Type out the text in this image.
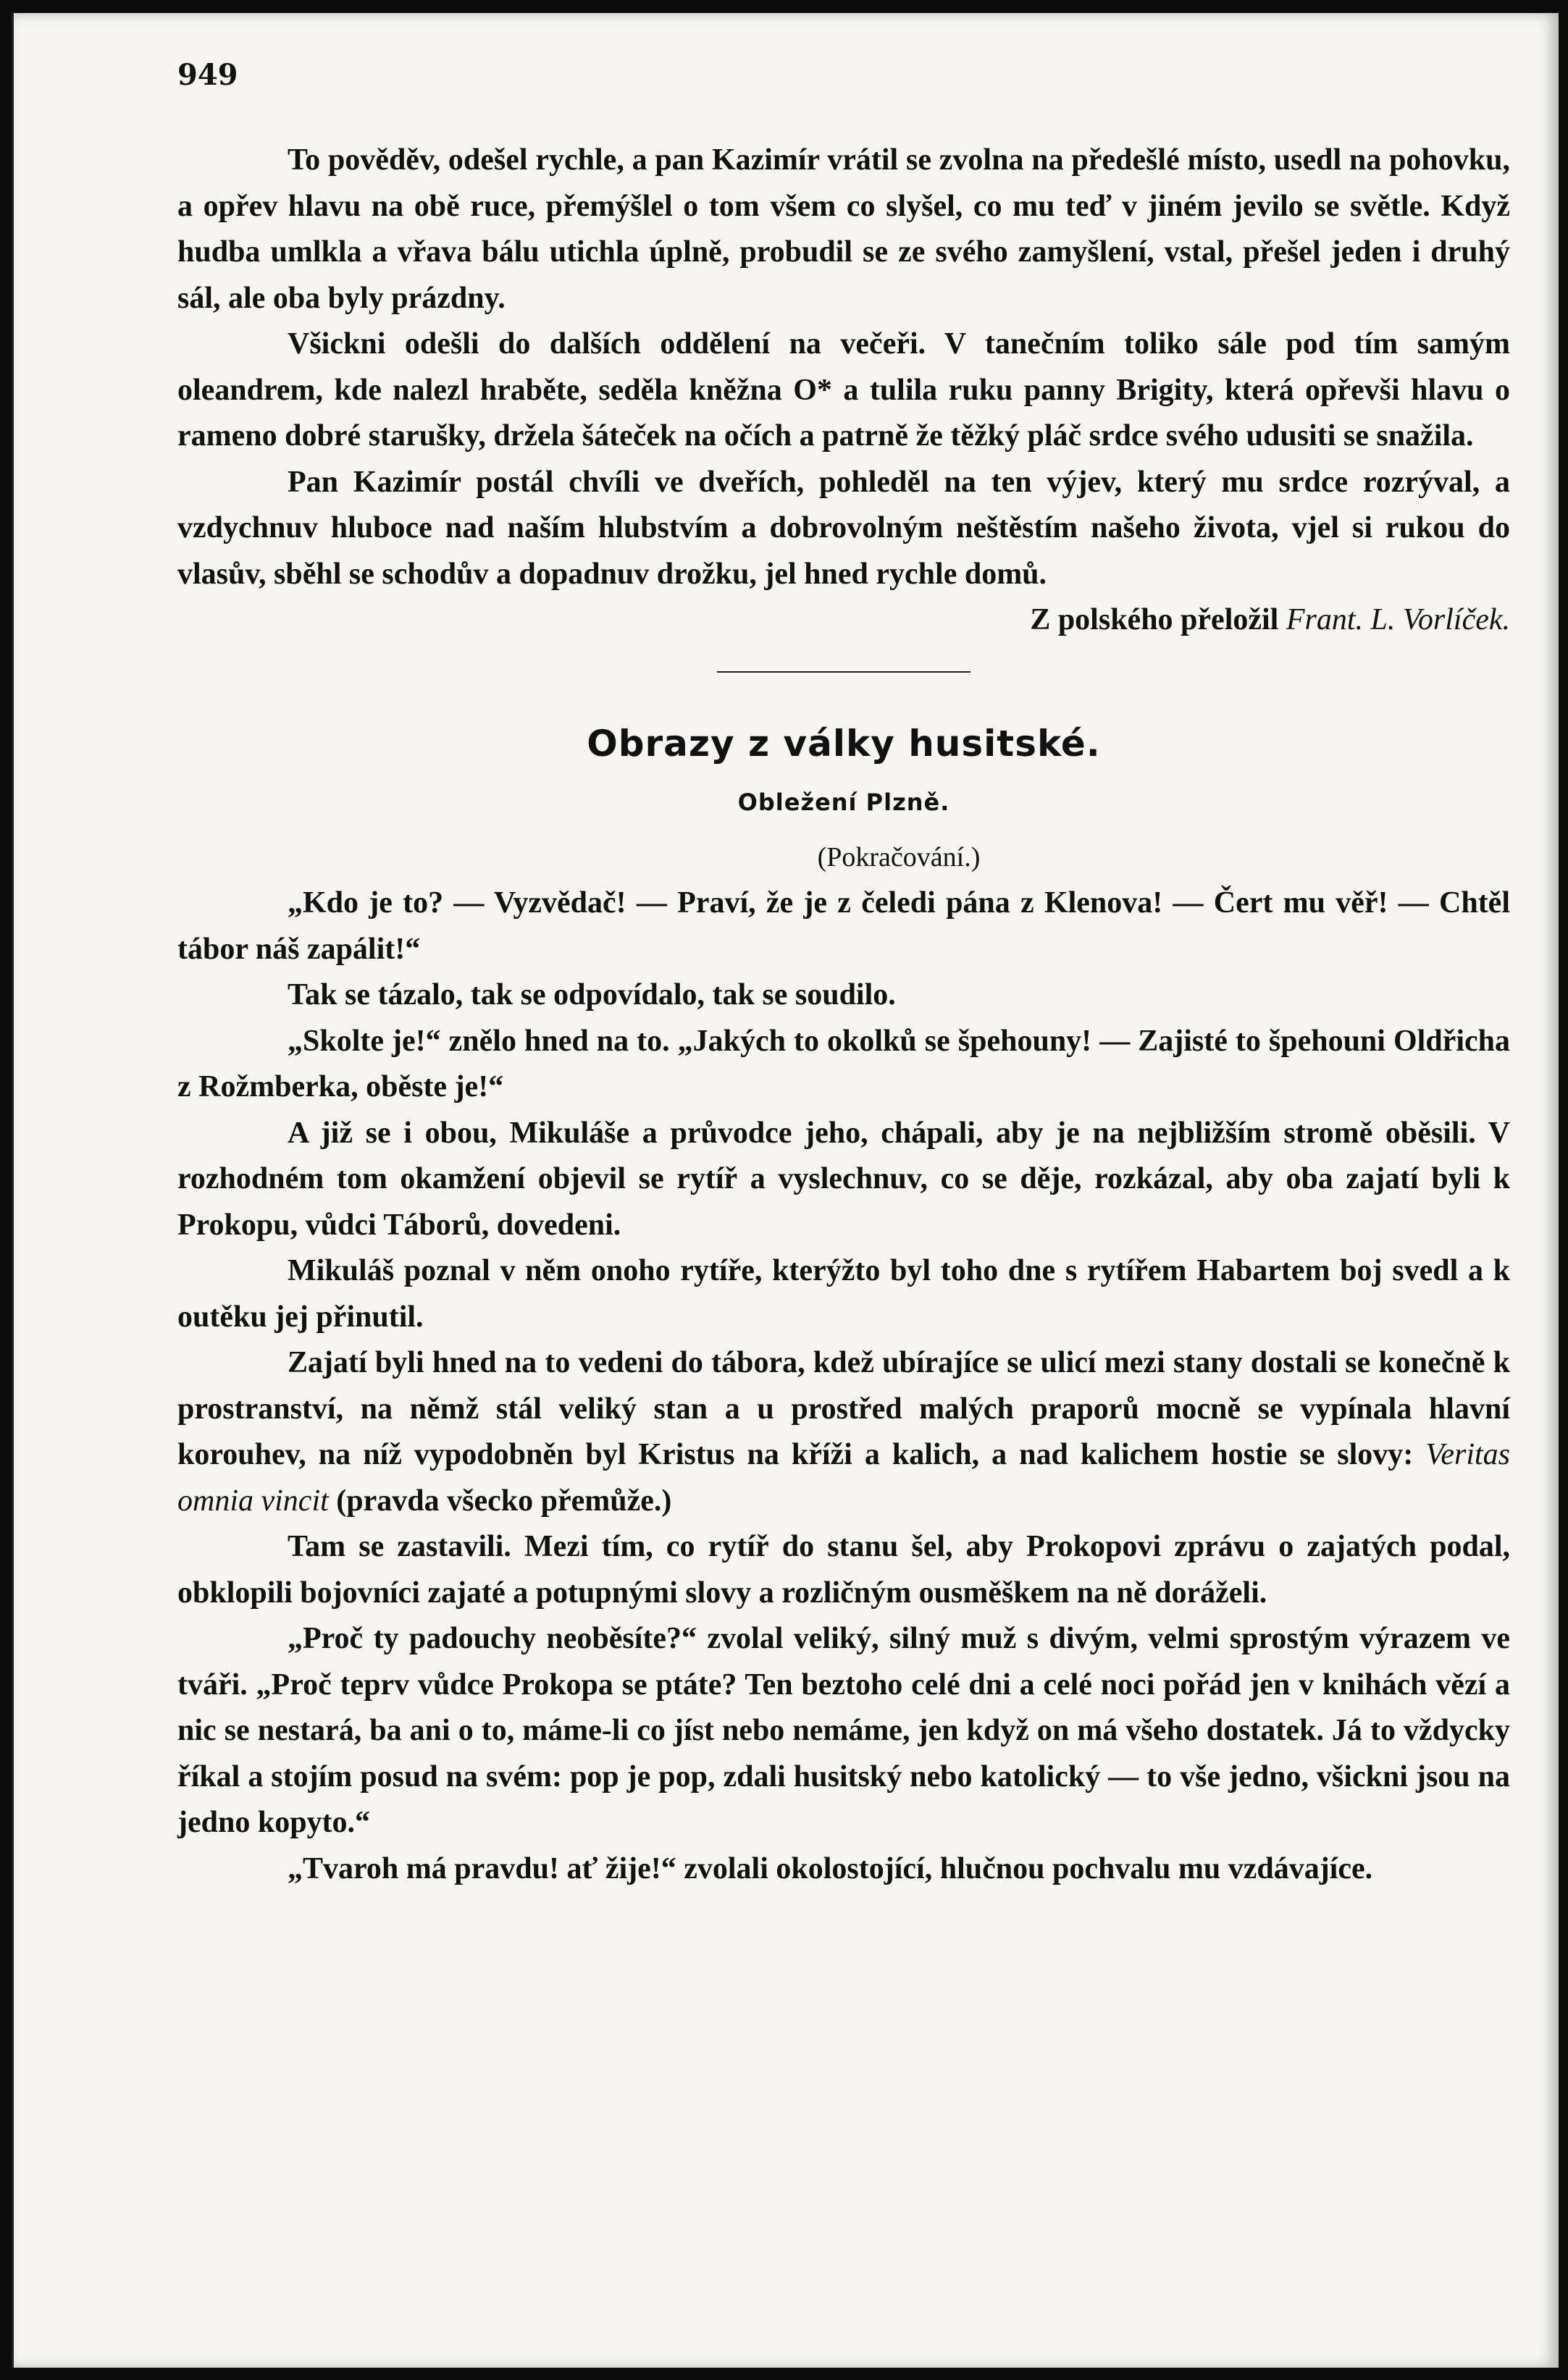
949

To pověděv, odešel rychle, a pan Kazimír vrátil se zvolna na předešlé místo, usedl na pohovku, a opřev hlavu na obě ruce, přemýšlel o tom všem co slyšel, co mu teď v jiném jevilo se světle. Když hudba umlkla a vřava bálu utichla úplně, probudil se ze svého zamyšlení, vstal, přešel jeden i druhý sál, ale oba byly prázdny.

Všickni odešli do dalších oddělení na večeři. V tanečním toliko sále pod tím samým oleandrem, kde nalezl hraběte, seděla kněžna O* a tulila ruku panny Brigity, která opřevši hlavu o rameno dobré starušky, držela šáteček na očích a patrně že těžký pláč srdce svého udusiti se snažila.

Pan Kazimír postál chvíli ve dveřích, pohleděl na ten výjev, který mu srdce rozrýval, a vzdychnuv hluboce nad naším hlubstvím a dobrovolným neštěstím našeho života, vjel si rukou do vlasův, sběhl se schodův a dopadnuv drožku, jel hned rychle domů.

Z polského přeložil Frant. L. Vorlíček.

Obrazy z války husitské.
Obležení Plzně.

(Pokračování.)

„Kdo je to? — Vyzvědač! — Praví, že je z čeledi pána z Klenova! — Čert mu věř! — Chtěl tábor náš zapálit!“

Tak se tázalo, tak se odpovídalo, tak se soudilo.

„Skolte je!“ znělo hned na to. „Jakých to okolků se špehouny! — Zajisté to špehouni Oldřicha z Rožmberka, oběste je!“

A již se i obou, Mikuláše a průvodce jeho, chápali, aby je na nejbližším stromě oběsili. V rozhodném tom okamžení objevil se rytíř a vyslechnuv, co se děje, rozkázal, aby oba zajatí byli k Prokopu, vůdci Táborů, dovedeni.

Mikuláš poznal v něm onoho rytíře, kterýžto byl toho dne s rytířem Habartem boj svedl a k outěku jej přinutil.

Zajatí byli hned na to vedeni do tábora, kdež ubírajíce se ulicí mezi stany dostali se konečně k prostranství, na němž stál veliký stan a u prostřed malých praporů mocně se vypínala hlavní korouhev, na níž vypodobněn byl Kristus na kříži a kalich, a nad kalichem hostie se slovy: Veritas omnia vincit (pravda všecko přemůže.)

Tam se zastavili. Mezi tím, co rytíř do stanu šel, aby Prokopovi zprávu o zajatých podal, obklopili bojovníci zajaté a potupnými slovy a rozličným ousměškem na ně doráželi.

„Proč ty padouchy neoběsíte?“ zvolal veliký, silný muž s divým, velmi sprostým výrazem ve tváři. „Proč teprv vůdce Prokopa se ptáte? Ten beztoho celé dni a celé noci pořád jen v knihách vězí a nic se nestará, ba ani o to, máme-li co jíst nebo nemáme, jen když on má všeho dostatek. Já to vždycky říkal a stojím posud na svém: pop je pop, zdali husitský nebo katolický — to vše jedno, všickni jsou na jedno kopyto.“

„Tvaroh má pravdu! ať žije!“ zvolali okolostojící, hlučnou pochvalu mu vzdávajíce.
